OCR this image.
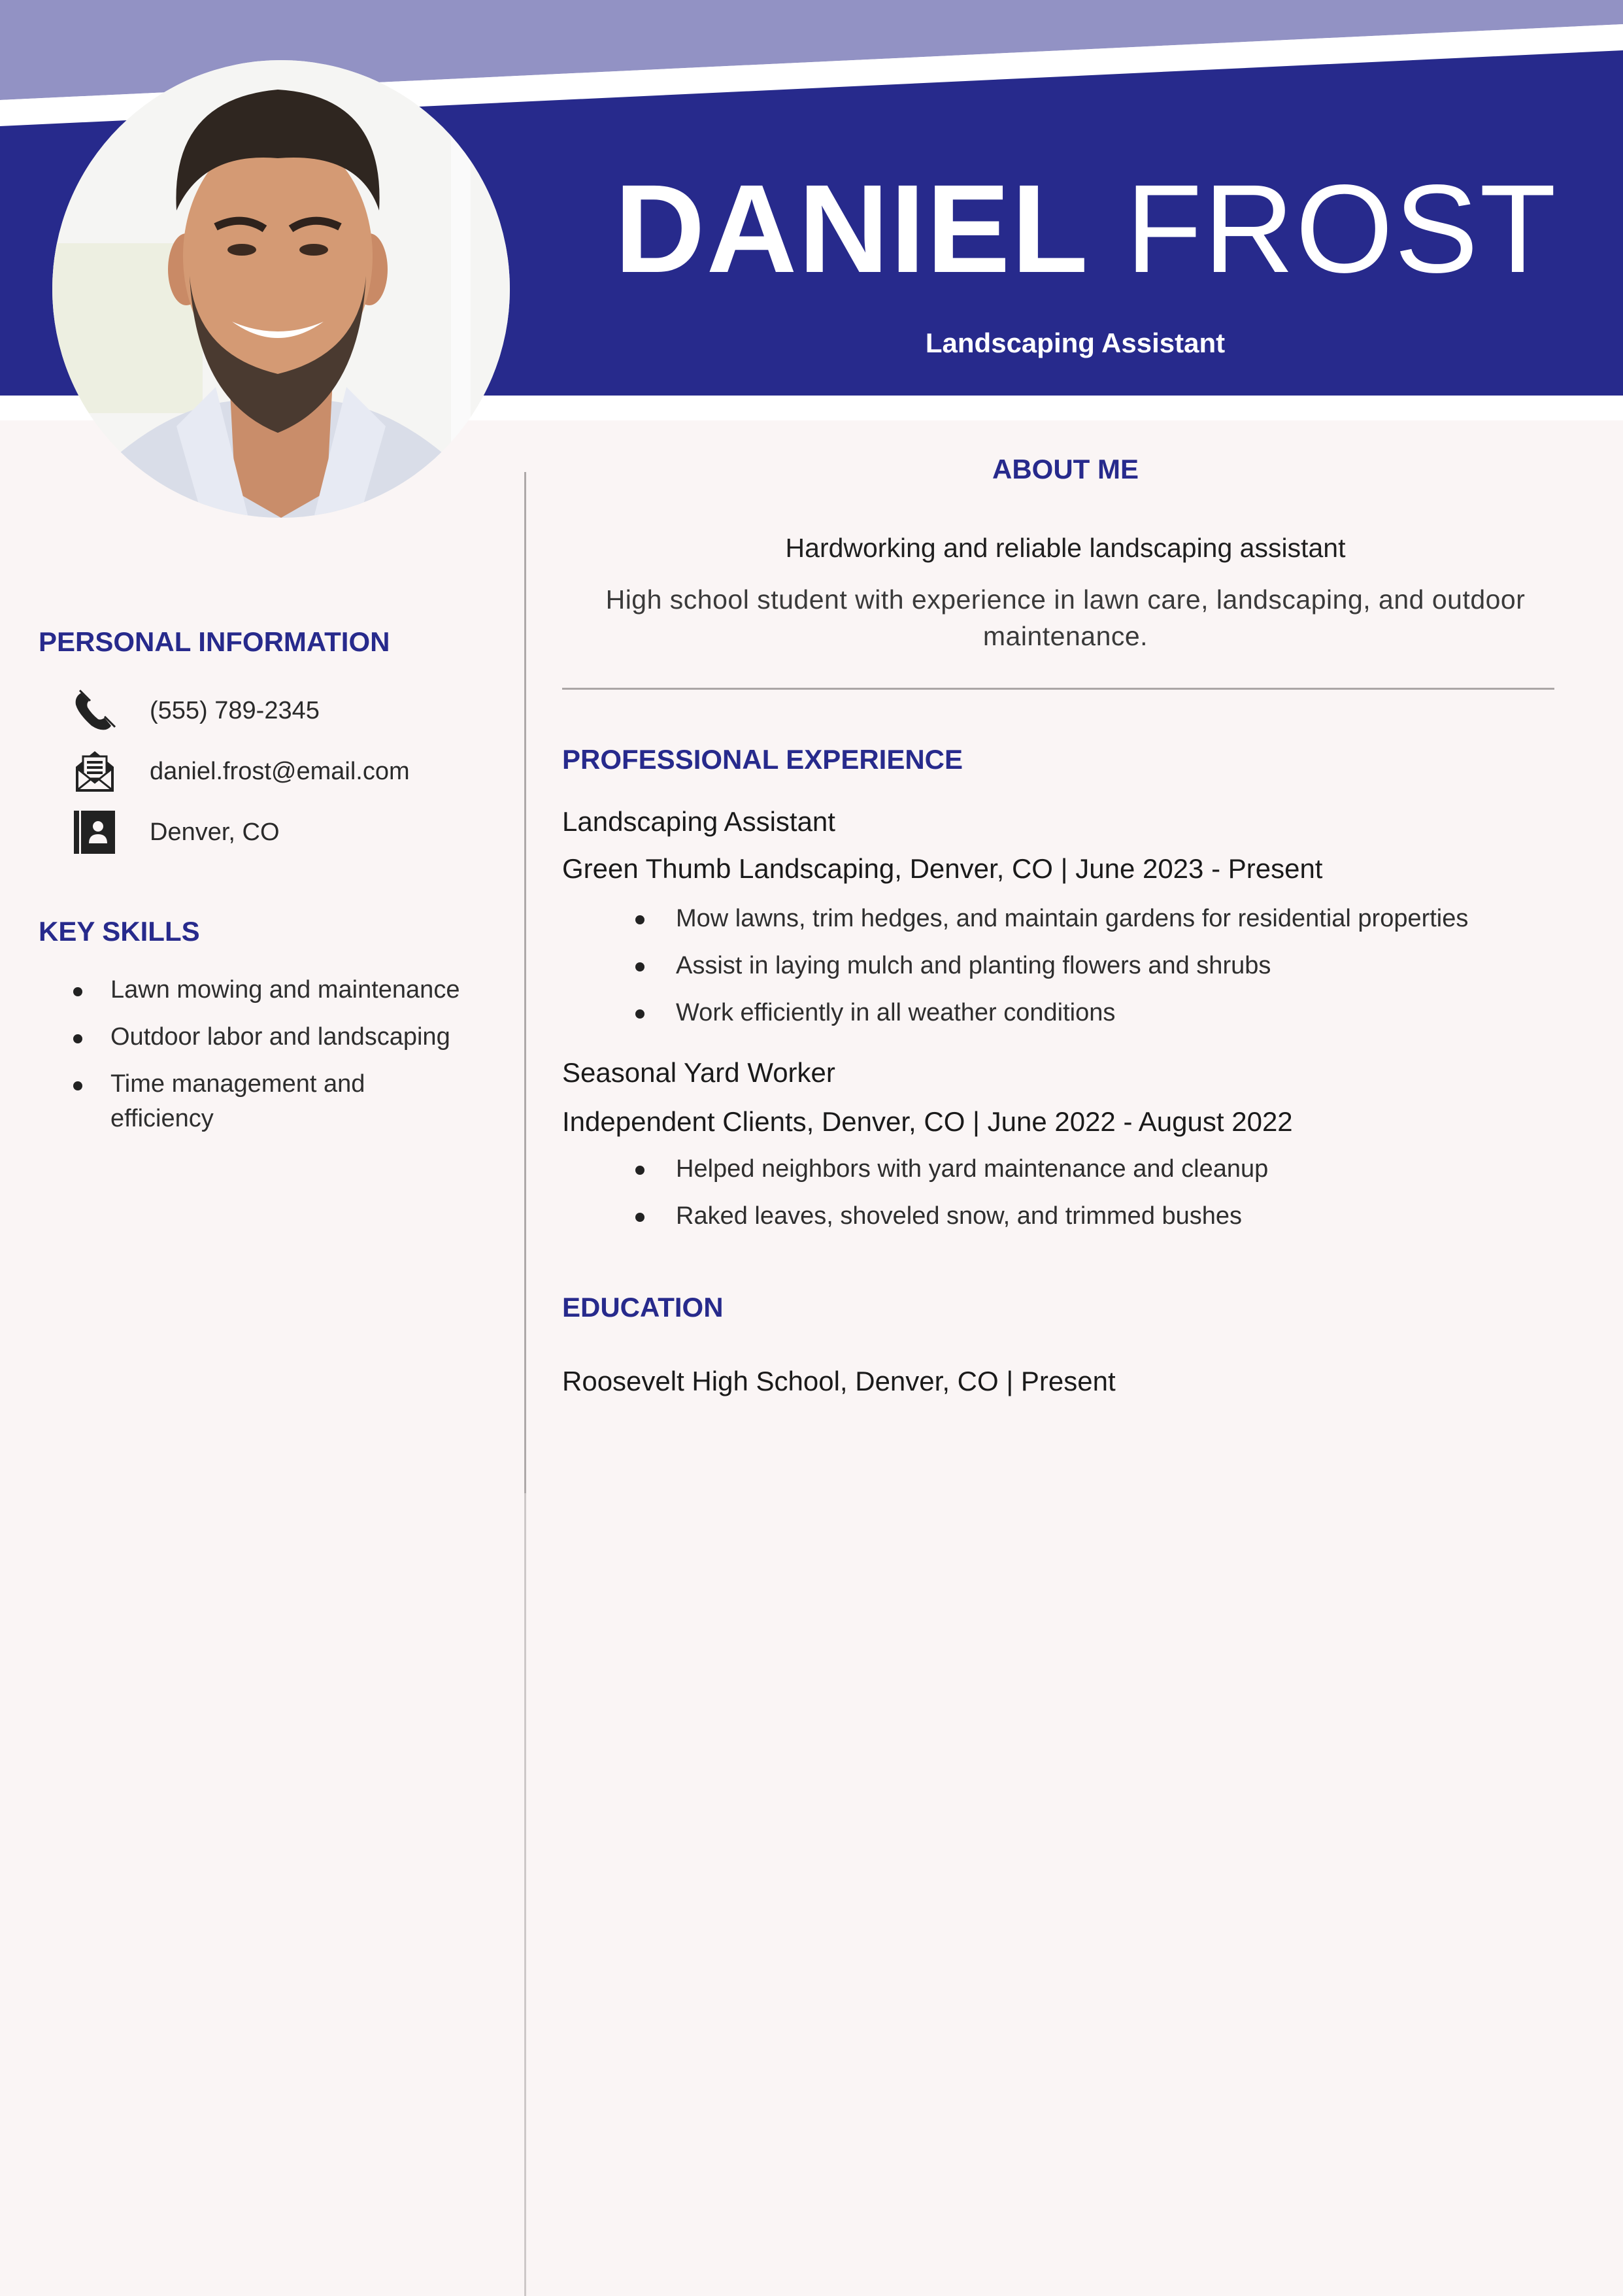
DANIEL FROST
Landscaping Assistant
PERSONAL INFORMATION
(555) 789-2345
daniel.frost@email.com
Denver, CO
KEY SKILLS
Lawn mowing and maintenance
Outdoor labor and landscaping
Time management and efficiency
ABOUT ME
Hardworking and reliable landscaping assistant
High school student with experience in lawn care, landscaping, and outdoor maintenance.
PROFESSIONAL EXPERIENCE
Landscaping Assistant
Green Thumb Landscaping, Denver, CO | June 2023 - Present
Mow lawns, trim hedges, and maintain gardens for residential properties
Assist in laying mulch and planting flowers and shrubs
Work efficiently in all weather conditions
Seasonal Yard Worker
Independent Clients, Denver, CO | June 2022 - August 2022
Helped neighbors with yard maintenance and cleanup
Raked leaves, shoveled snow, and trimmed bushes
EDUCATION
Roosevelt High School, Denver, CO | Present
